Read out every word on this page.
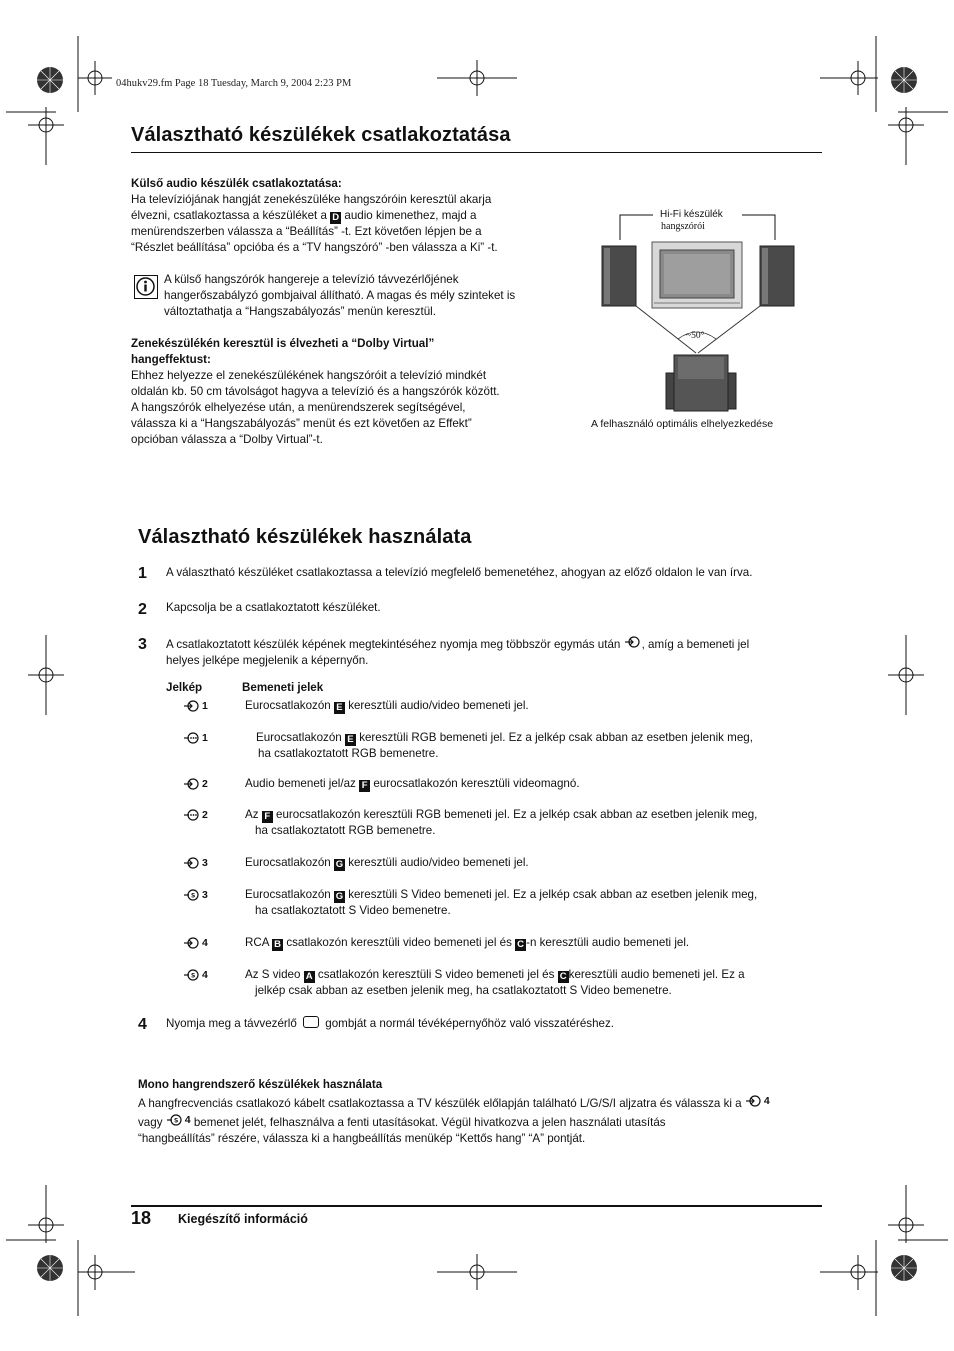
04hukv29.fm Page 18 Tuesday, March 9, 2004 2:23 PM
Választható készülékek csatlakoztatása
Külső audio készülék csatlakoztatása:
Ha televíziójának hangját zenekészüléke hangszóróin keresztül akarja
élvezni, csatlakoztassa a készüléket a D audio kimenethez, majd a
menürendszerben válassza a “Beállítás” -t. Ezt követően lépjen be a
“Részlet beállítása” opcióba és a “TV hangszóró” -ben válassza a Ki” -t.
A külső hangszórók hangereje a televízió távvezérlőjének
hangerőszabályzó gombjaival állítható. A magas és mély szinteket is
változtathatja a “Hangszabályozás” menün keresztül.
Zenekészülékén keresztül is élvezheti a “Dolby Virtual”
hangeffektust:
Ehhez helyezze el zenekészülékének hangszóróit a televízió mindkét
oldalán kb. 50 cm távolságot hagyva a televízió és a hangszórók között.
A hangszórók elhelyezése után, a menürendszerek segítségével,
válassza ki a “Hangszabályozás” menüt és ezt követően az Effekt”
opcióban válassza a “Dolby Virtual”-t.
Hi-Fi készülék
hangszórói
~50°
A felhasználó optimális elhelyezkedése
Választható készülékek használata
1 A választható készüléket csatlakoztassa a televízió megfelelő bemenetéhez, ahogyan az előző oldalon le van írva.
2 Kapcsolja be a csatlakoztatott készüléket.
3 A csatlakoztatott készülék képének megtekintéséhez nyomja meg többször egymás után , amíg a bemeneti jel
helyes jelképe megjelenik a képernyőn.
Jelkép	Bemeneti jelek
1	Eurocsatlakozón E keresztüli audio/video bemeneti jel.
1	Eurocsatlakozón E keresztüli RGB bemeneti jel. Ez a jelkép csak abban az esetben jelenik meg,
ha csatlakoztatott RGB bemenetre.
2	Audio bemeneti jel/az F eurocsatlakozón keresztüli videomagnó.
2	Az F eurocsatlakozón keresztüli RGB bemeneti jel. Ez a jelkép csak abban az esetben jelenik meg,
ha csatlakoztatott RGB bemenetre.
3	Eurocsatlakozón G keresztüli audio/video bemeneti jel.
S 3	Eurocsatlakozón G keresztüli S Video bemeneti jel. Ez a jelkép csak abban az esetben jelenik meg,
ha csatlakoztatott S Video bemenetre.
4	RCA B csatlakozón keresztüli video bemeneti jel és C -n keresztüli audio bemeneti jel.
S 4	Az S video A csatlakozón keresztüli S video bemeneti jel és C keresztüli audio bemeneti jel. Ez a
jelkép csak abban az esetben jelenik meg, ha csatlakoztatott S Video bemenetre.
4 Nyomja meg a távvezérlő gombját a normál tévéképernyőhöz való visszatéréshez.
Mono hangrendszerő készülékek használata
A hangfrecvenciás csatlakozó kábelt csatlakoztassa a TV készülék előlapján található L/G/S/I aljzatra és válassza ki a 4
vagy S 4 bemenet jelét, felhasználva a fenti utasításokat. Végül hivatkozva a jelen használati utasítás
“hangbeállítás” részére, válassza ki a hangbeállítás menükép “Kettős hang” “A” pontját.
18 Kiegészítő információ
